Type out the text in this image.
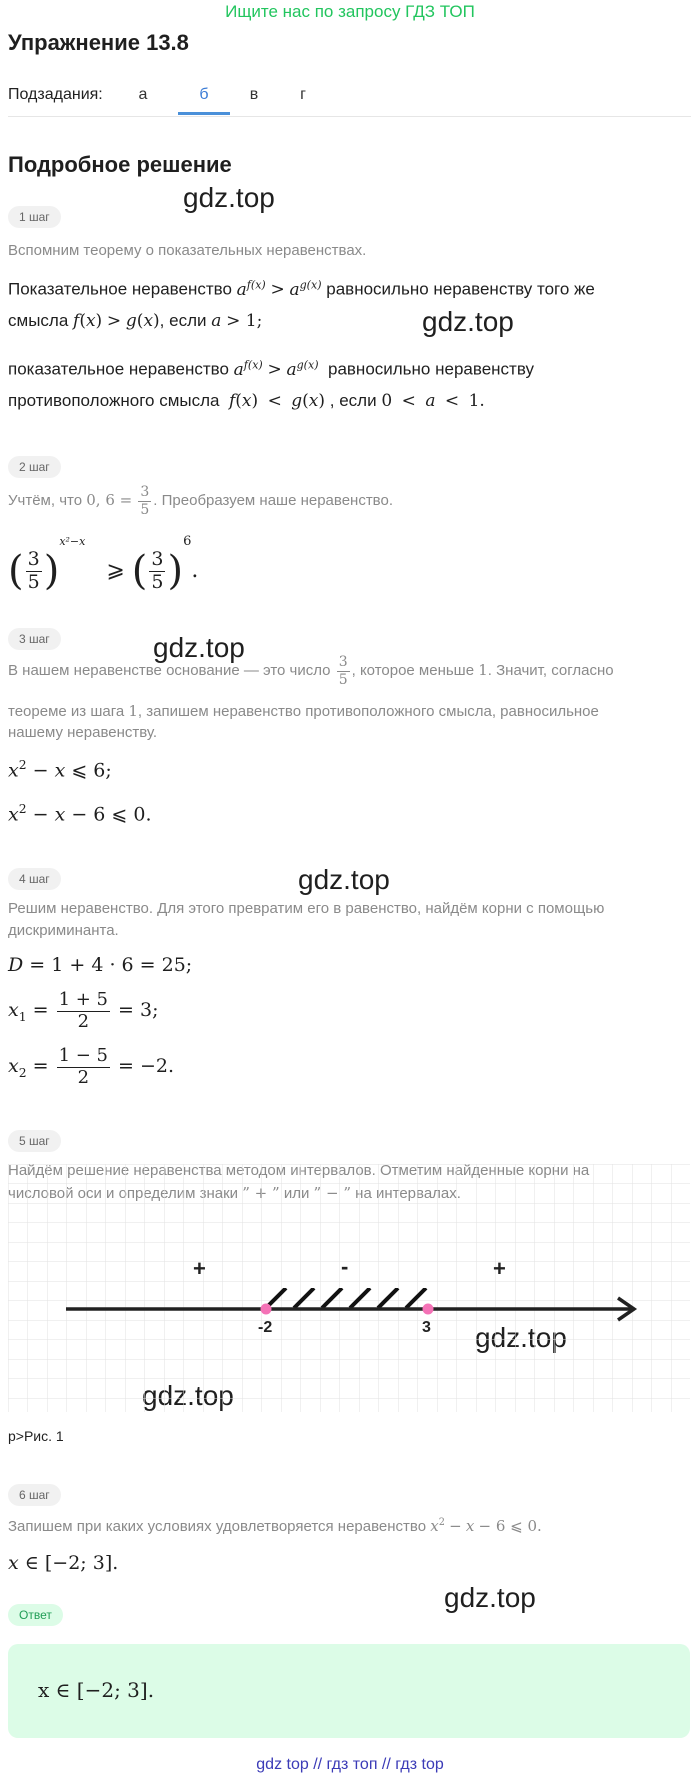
Ищите нас по запросу ГДЗ ТОП
Упражнение 13.8
Подзадания:	а	б	в	г
Подробное решение
gdz.top
gdz.top
gdz.top
gdz.top
gdz.top
1 шаг
Вспомним теорему о показательных неравенствах.
Показательное неравенство $a^{f(x)} > a^{g(x)}$ равносильно неравенству того же
смысла f(x) > g(x), если a > 1;
показательное неравенство $a^{f(x)} > a^{g(x)}$ равносильно неравенству
противоположного смысла f(x) < g(x) , если 0 < a < 1.
2 шаг
Учтём, что 0, $6 = \frac{3}{5}$ . Преобразуем наше неравенство.
( $\frac{3}{5} )^{x^2-x}$   ⩾ ( $\frac{3}{5} )^6$.
3 шаг
В нашем неравенстве основание — это число $\frac{3}{5}$ , которое меньше 1. Значит, согласно
теореме из шага 1, запишем неравенство противоположного смысла, равносильное
нашему неравенству.
$x^2 - x$ ⩽ 6;
$x^2 - x - 6$ ⩽ 0.
4 шаг
Решим неравенство. Для этого превратим его в равенство, найдём корни с помощью
дискриминанта.
D = 1 + 4 · 6 = 25;
$x_1 = \frac{1 + 5}{2} = 3$;
$x_2 = \frac{1 - 5}{2} = -2$.
5 шаг
-2	3
+	-	+
p>Рис. 1
6 шаг
Запишем при каких условиях удовлетворяется неравенство $x^2 - x - 6$ ⩽ 0.
x ∈ [−2; 3].
Ответ
x ∈ [−2; 3].
gdz top // гдз топ // гдз top
